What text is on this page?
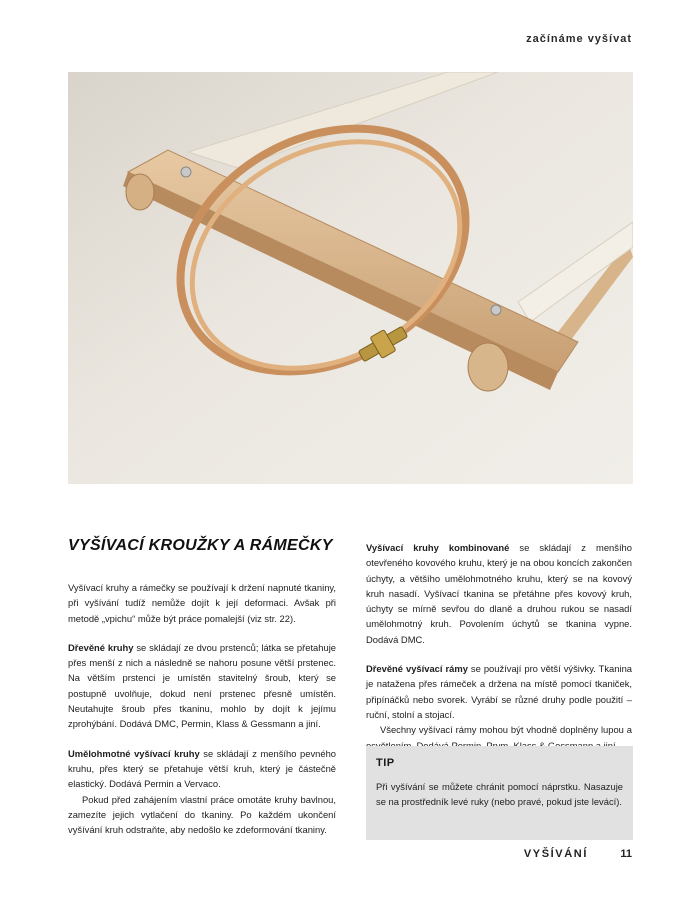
začínáme vyšívat
VYŠÍVACÍ KROUŽKY A RÁMEČKY

Vyšívací kruhy a rámečky se používají k držení napnuté tkaniny, při vyšívání tudíž nemůže dojít k její deformaci. Avšak při metodě „vpichu“ může být práce pomalejší (viz str. 22).

Dřevěné kruhy se skládají ze dvou prstenců; látka se přetahuje přes menší z nich a následně se nahoru posune větší prstenec. Na větším prstenci je umístěn stavitelný šroub, který se postupně uvolňuje, dokud není prstenec přesně umístěn. Neutahujte šroub přes tkaninu, mohlo by dojít k jejímu zprohýbání. Dodává DMC, Permin, Klass & Gessmann a jiní.

Umělohmotné vyšívací kruhy se skládají z menšího pevného kruhu, přes který se přetahuje větší kruh, který je částečně elastický. Dodává Permin a Vervaco.

Pokud před zahájením vlastní práce omotáte kruhy bavlnou, zamezíte jejich vytlačení do tkaniny. Po každém ukončení vyšívání kruh odstraňte, aby nedošlo ke zdeformování tkaniny.

Vyšívací kruhy kombinované se skládají z menšího otevřeného kovového kruhu, který je na obou koncích zakončen úchyty, a většího umělohmotného kruhu, který se na kovový kruh nasadí. Vyšívací tkanina se přetáhne přes kovový kruh, úchyty se mírně sevřou do dlaně a druhou rukou se nasadí umělohmotný kruh. Povolením úchytů se tkanina vypne. Dodává DMC.

Dřevěné vyšívací rámy se používají pro větší výšivky. Tkanina je natažena přes rámeček a držena na místě pomocí tkaniček, připínáčků nebo svorek. Vyrábí se různé druhy podle použití – ruční, stolní a stojací.

Všechny vyšívací rámy mohou být vhodně doplněny lupou a

TIP
Při vyšívání se můžete chránit pomocí náprstku. Nasazuje se na prostředník levé ruky (nebo pravé, pokud jste levácí).
VYŠÍVÁNÍ	11
